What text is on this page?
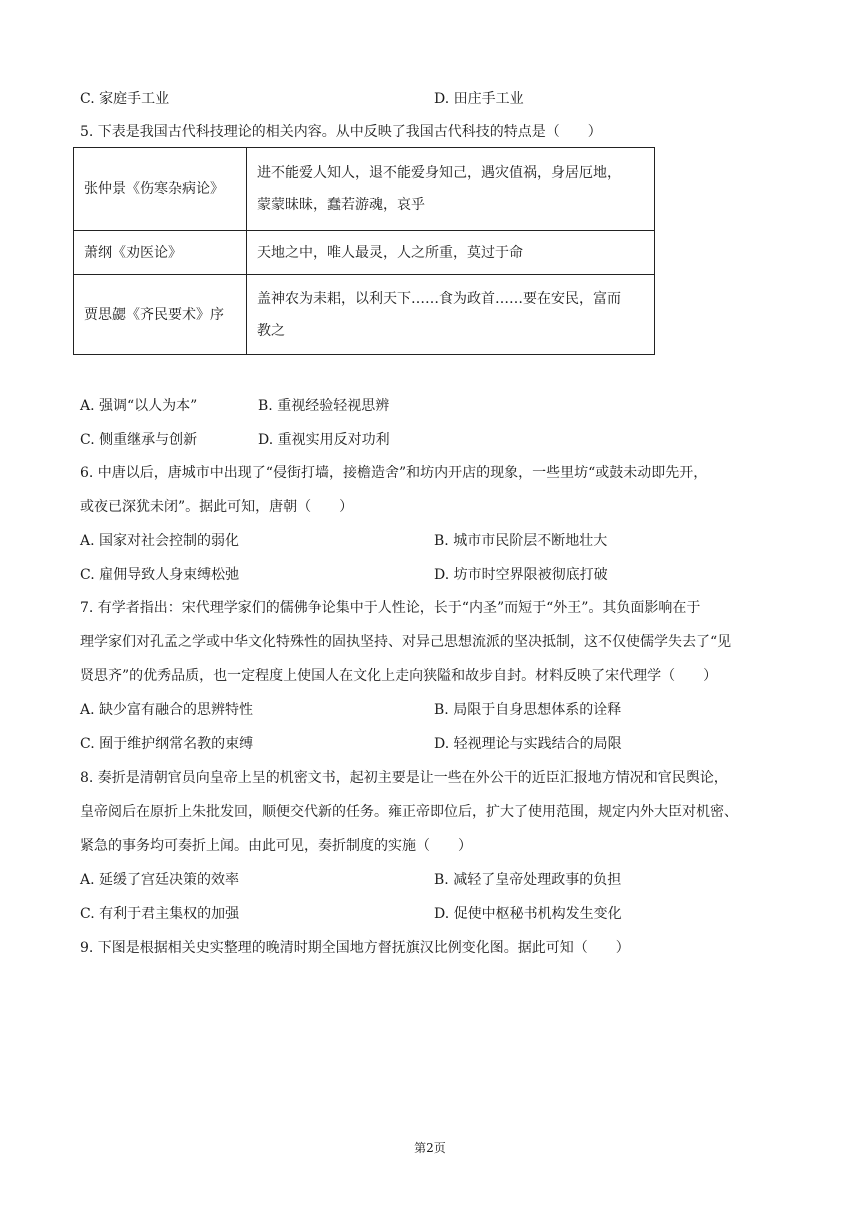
C. 家庭手工业	D. 田庄手工业
5. 下表是我国古代科技理论的相关内容。从中反映了我国古代科技的特点是（　　）
张仲景《伤寒杂病论》	进不能爱人知人，退不能爱身知己，遇灾值祸，身居厄地，
蒙蒙昧昧，蠢若游魂，哀乎

萧纲《劝医论》	天地之中，唯人最灵，人之所重，莫过于命

贾思勰《齐民要术》序	盖神农为耒耜，以利天下……食为政首……要在安民，富而
教之
A. 强调“以人为本”	B. 重视经验轻视思辨
C. 侧重继承与创新	D. 重视实用反对功利
6. 中唐以后，唐城市中出现了“侵街打墙，接檐造舍”和坊内开店的现象，一些里坊“或鼓未动即先开，
或夜已深犹未闭”。据此可知，唐朝（　　）
A. 国家对社会控制的弱化	B. 城市市民阶层不断地壮大
C. 雇佣导致人身束缚松弛	D. 坊市时空界限被彻底打破
7. 有学者指出：宋代理学家们的儒佛争论集中于人性论，长于“内圣”而短于“外王”。其负面影响在于
理学家们对孔孟之学或中华文化特殊性的固执坚持、对异己思想流派的坚决抵制，这不仅使儒学失去了“见
贤思齐”的优秀品质，也一定程度上使国人在文化上走向狭隘和故步自封。材料反映了宋代理学（　　）
A. 缺少富有融合的思辨特性	B. 局限于自身思想体系的诠释
C. 囿于维护纲常名教的束缚	D. 轻视理论与实践结合的局限
8. 奏折是清朝官员向皇帝上呈的机密文书，起初主要是让一些在外公干的近臣汇报地方情况和官民舆论，
皇帝阅后在原折上朱批发回，顺便交代新的任务。雍正帝即位后，扩大了使用范围，规定内外大臣对机密、
紧急的事务均可奏折上闻。由此可见，奏折制度的实施（　　）
A. 延缓了宫廷决策的效率	B. 减轻了皇帝处理政事的负担
C. 有利于君主集权的加强	D. 促使中枢秘书机构发生变化
9. 下图是根据相关史实整理的晚清时期全国地方督抚旗汉比例变化图。据此可知（　　）
第2页
